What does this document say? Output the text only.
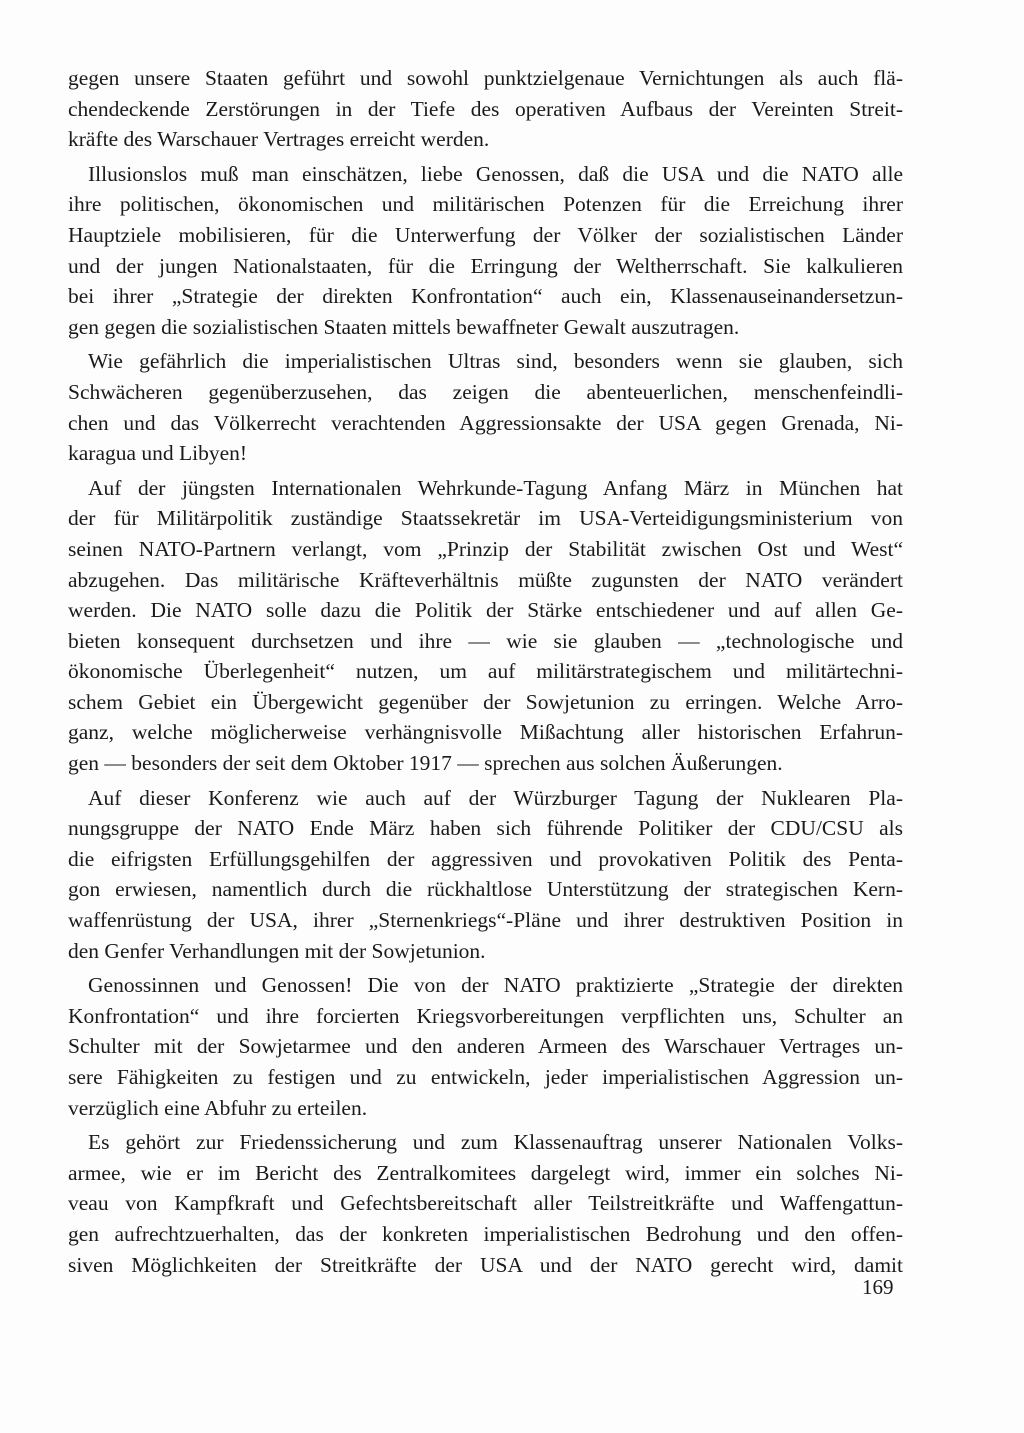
gegen unsere Staaten geführt und sowohl punktzielgenaue Vernichtungen als auch flä-
chendeckende Zerstörungen in der Tiefe des operativen Aufbaus der Vereinten Streit-
kräfte des Warschauer Vertrages erreicht werden.
Illusionslos muß man einschätzen, liebe Genossen, daß die USA und die NATO alle
ihre politischen, ökonomischen und militärischen Potenzen für die Erreichung ihrer
Hauptziele mobilisieren, für die Unterwerfung der Völker der sozialistischen Länder
und der jungen Nationalstaaten, für die Erringung der Weltherrschaft. Sie kalkulieren
bei ihrer „Strategie der direkten Konfrontation“ auch ein, Klassenauseinandersetzun-
gen gegen die sozialistischen Staaten mittels bewaffneter Gewalt auszutragen.
Wie gefährlich die imperialistischen Ultras sind, besonders wenn sie glauben, sich
Schwächeren gegenüberzusehen, das zeigen die abenteuerlichen, menschenfeindli-
chen und das Völkerrecht verachtenden Aggressionsakte der USA gegen Grenada, Ni-
karagua und Libyen!
Auf der jüngsten Internationalen Wehrkunde-Tagung Anfang März in München hat
der für Militärpolitik zuständige Staatssekretär im USA-Verteidigungsministerium von
seinen NATO-Partnern verlangt, vom „Prinzip der Stabilität zwischen Ost und West“
abzugehen. Das militärische Kräfteverhältnis müßte zugunsten der NATO verändert
werden. Die NATO solle dazu die Politik der Stärke entschiedener und auf allen Ge-
bieten konsequent durchsetzen und ihre — wie sie glauben — „technologische und
ökonomische Überlegenheit“ nutzen, um auf militärstrategischem und militärtechni-
schem Gebiet ein Übergewicht gegenüber der Sowjetunion zu erringen. Welche Arro-
ganz, welche möglicherweise verhängnisvolle Mißachtung aller historischen Erfahrun-
gen — besonders der seit dem Oktober 1917 — sprechen aus solchen Äußerungen.
Auf dieser Konferenz wie auch auf der Würzburger Tagung der Nuklearen Pla-
nungsgruppe der NATO Ende März haben sich führende Politiker der CDU/CSU als
die eifrigsten Erfüllungsgehilfen der aggressiven und provokativen Politik des Penta-
gon erwiesen, namentlich durch die rückhaltlose Unterstützung der strategischen Kern-
waffenrüstung der USA, ihrer „Sternenkriegs“-Pläne und ihrer destruktiven Position in
den Genfer Verhandlungen mit der Sowjetunion.
Genossinnen und Genossen! Die von der NATO praktizierte „Strategie der direkten
Konfrontation“ und ihre forcierten Kriegsvorbereitungen verpflichten uns, Schulter an
Schulter mit der Sowjetarmee und den anderen Armeen des Warschauer Vertrages un-
sere Fähigkeiten zu festigen und zu entwickeln, jeder imperialistischen Aggression un-
verzüglich eine Abfuhr zu erteilen.
Es gehört zur Friedenssicherung und zum Klassenauftrag unserer Nationalen Volks-
armee, wie er im Bericht des Zentralkomitees dargelegt wird, immer ein solches Ni-
veau von Kampfkraft und Gefechtsbereitschaft aller Teilstreitkräfte und Waffengattun-
gen aufrechtzuerhalten, das der konkreten imperialistischen Bedrohung und den offen-
siven Möglichkeiten der Streitkräfte der USA und der NATO gerecht wird, damit
169
